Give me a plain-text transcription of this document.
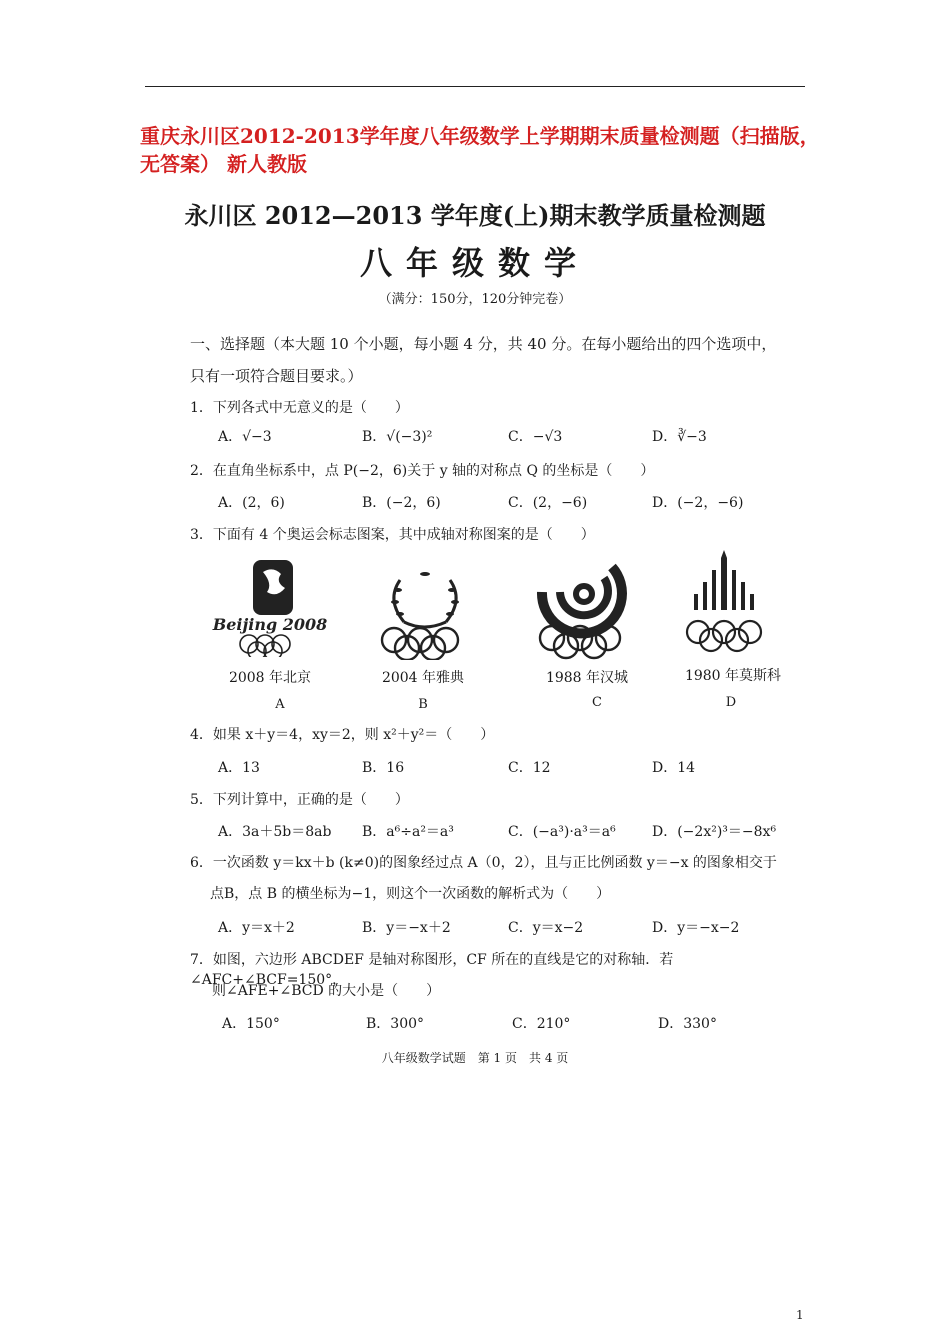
重庆永川区2012-2013学年度八年级数学上学期期末质量检测题（扫描版，无答案） 新人教版
永川区 2012—2013 学年度(上)期末教学质量检测题
八年级数学
（满分：150分，120分钟完卷）
一、选择题（本大题 10 个小题，每小题 4 分，共 40 分。在每小题给出的四个选项中，只有一项符合题目要求。）
1．下列各式中无意义的是（　　）
A．√−3	B．√(−3)²	C．−√3	D．∛−3
2．在直角坐标系中，点 P(−2，6)关于 y 轴的对称点 Q 的坐标是（　　）
A．(2，6)	B．(−2，6)	C．(2，−6)	D．(−2，−6)
3．下面有 4 个奥运会标志图案，其中成轴对称图案的是（　　）
Beijing 2008
2008 年北京	2004 年雅典	1988 年汉城	1980 年莫斯科
A	B	C	D
4．如果 x＋y＝4，xy＝2，则 x²＋y²＝（　　）
A．13	B．16	C．12	D．14
5．下列计算中，正确的是（　　）
A．3a＋5b＝8ab B．a⁶÷a²＝a³	C．(−a³)·a³＝a⁶	D．(−2x²)³＝−8x⁶
6．一次函数 y＝kx＋b (k≠0)的图象经过点 A（0，2），且与正比例函数 y＝−x 的图象相交于
点B，点 B 的横坐标为−1，则这个一次函数的解析式为（　　）
A．y＝x＋2	B．y＝−x＋2	C．y＝x−2	D．y＝−x−2
7．如图，六边形 ABCDEF 是轴对称图形，CF 所在的直线是它的对称轴．若∠AFC+∠BCF=150°，
则∠AFE+∠BCD 的大小是（　　）
A．150°	B．300°	C．210°	D．330°
八年级数学试题　第 1 页　共 4 页
1
